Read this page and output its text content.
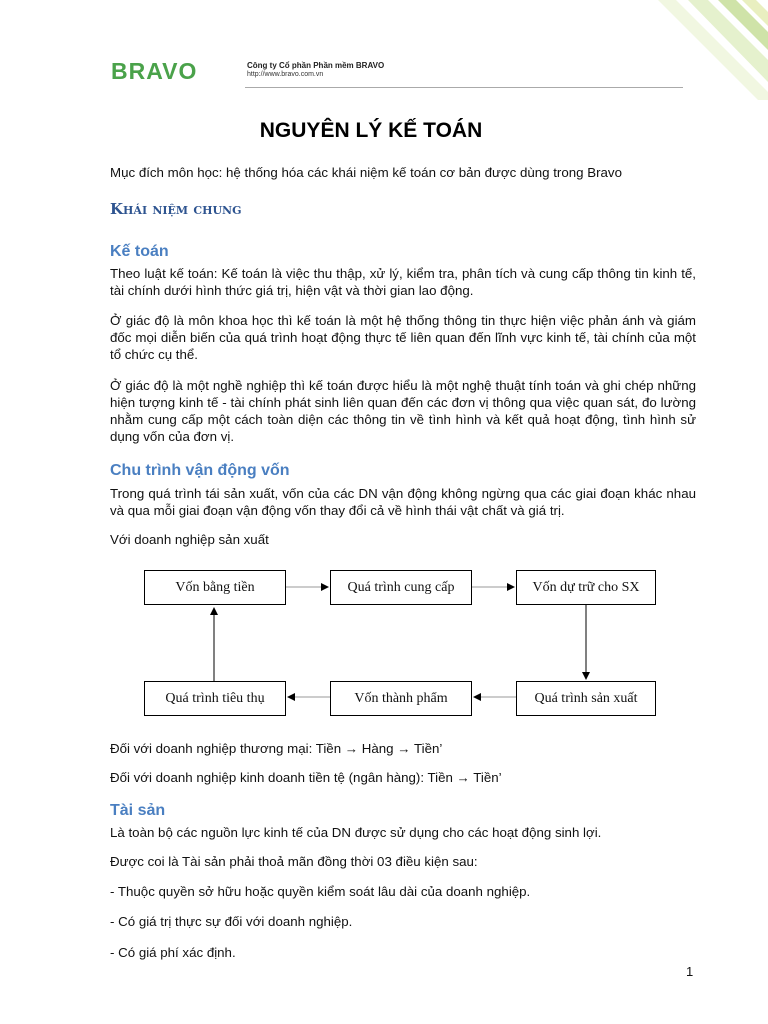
BRAVO	Công ty Cổ phần Phần mềm BRAVO
http://www.bravo.com.vn
NGUYÊN LÝ KẾ TOÁN

Mục đích môn học: hệ thống hóa các khái niệm kế toán cơ bản được dùng trong Bravo

Khái niệm chung
Kế toán

Theo luật kế toán: Kế toán là việc thu thập, xử lý, kiểm tra, phân tích và cung cấp thông tin kinh tế, tài chính dưới hình thức giá trị, hiện vật và thời gian lao động.

Ở giác độ là môn khoa học thì kế toán là một hệ thống thông tin thực hiện việc phản ánh và giám đốc mọi diễn biến của quá trình hoạt động thực tế liên quan đến lĩnh vực kinh tế, tài chính của một tổ chức cụ thể.

Ở giác độ là một nghề nghiệp thì kế toán được hiểu là một nghệ thuật tính toán và ghi chép những hiện tượng kinh tế - tài chính phát sinh liên quan đến các đơn vị thông qua việc quan sát, đo lường nhằm cung cấp một cách toàn diện các thông tin về tình hình và kết quả hoạt động, tình hình sử dụng vốn của đơn vị.

Chu trình vận động vốn

Trong quá trình tái sản xuất, vốn của các DN vận động không ngừng qua các giai đoạn khác nhau và qua mỗi giai đoạn vận động vốn thay đổi cả về hình thái vật chất và giá trị.

Với doanh nghiệp sản xuất

Vốn bằng tiền	Quá trình cung cấp	Vốn dự trữ cho SX
Quá trình tiêu thụ	Vốn thành phẩm	Quá trình sản xuất

Đối với doanh nghiệp thương mại: Tiền → Hàng → Tiền’

Đối với doanh nghiệp kinh doanh tiền tệ (ngân hàng): Tiền → Tiền’

Tài sản

Là toàn bộ các nguồn lực kinh tế của DN được sử dụng cho các hoạt động sinh lợi.

Được coi là Tài sản phải thoả mãn đồng thời 03 điều kiện sau:

- Thuộc quyền sở hữu hoặc quyền kiểm soát lâu dài của doanh nghiệp.

- Có giá trị thực sự đối với doanh nghiệp.

- Có giá phí xác định.

1
